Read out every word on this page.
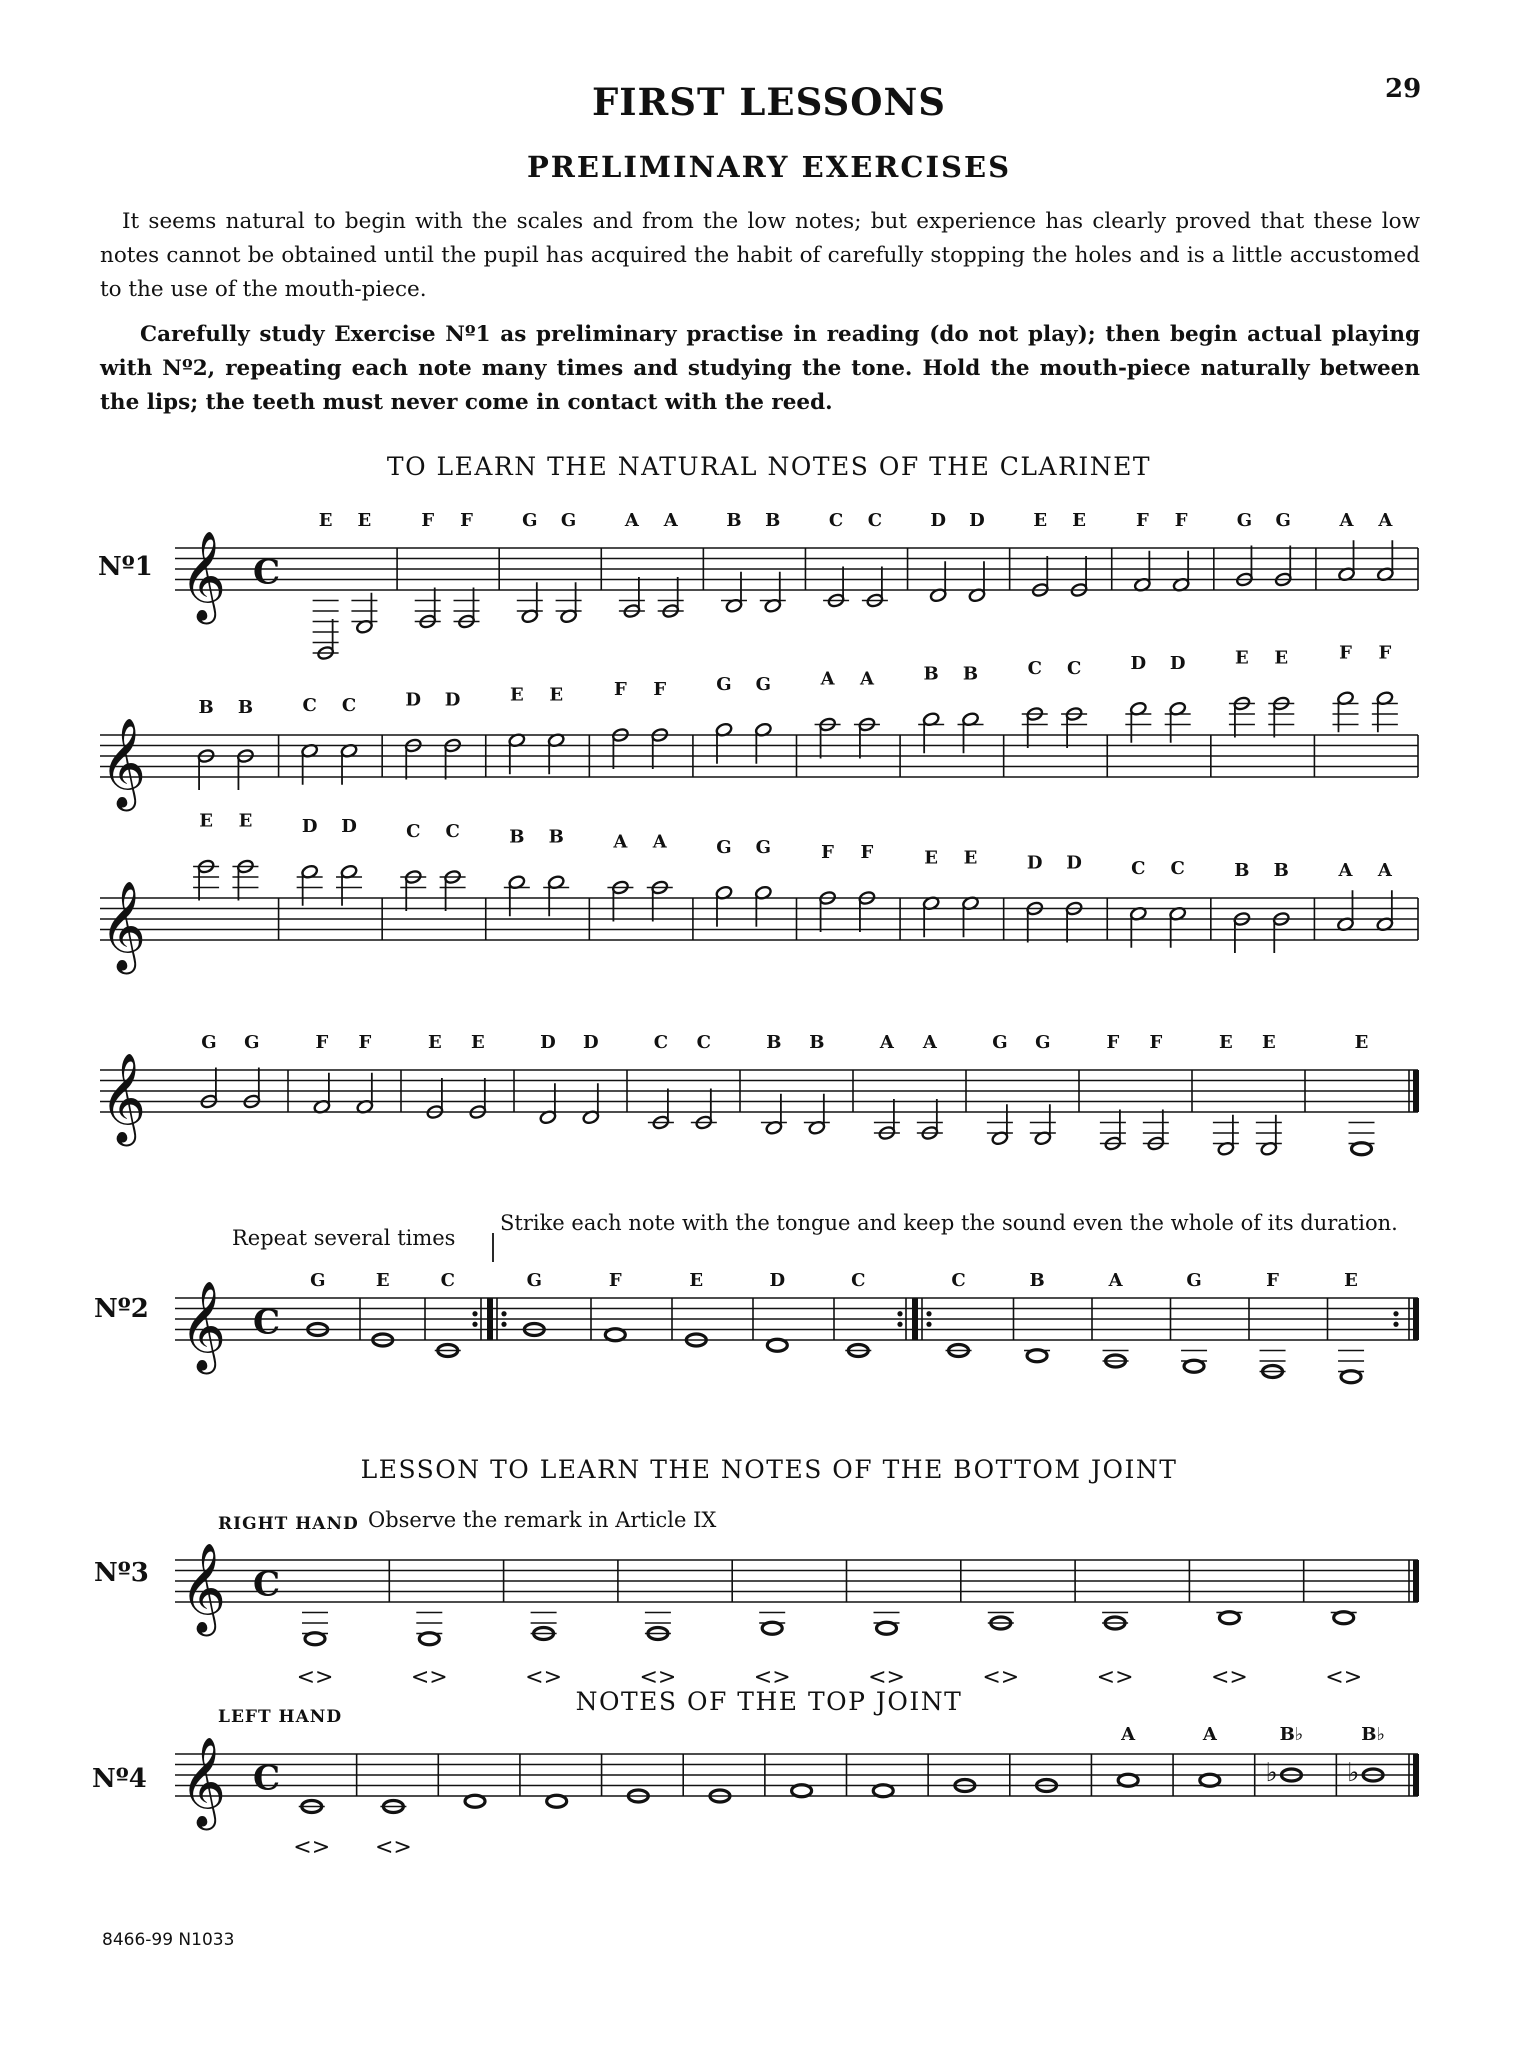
FIRST LESSONS	29
PRELIMINARY EXERCISES
It seems natural to begin with the scales and from the low notes; but experience has clearly proved that these low notes cannot be obtained until the pupil has acquired the habit of carefully stopping the holes and is a little accustomed to the use of the mouth-piece.
Carefully study Exercise Nº1 as preliminary practise in reading (do not play); then begin actual playing with Nº2, repeating each note many times and studying the tone. Hold the mouth-piece naturally between the lips; the teeth must never come in contact with the reed.
TO LEARN THE NATURAL NOTES OF THE CLARINET
LESSON TO LEARN THE NOTES OF THE BOTTOM JOINT
NOTES OF THE TOP JOINT
Nº1
Nº2
Nº3
Nº4
Repeat several times
Strike each note with the tongue and keep the sound even the whole of its duration.
RIGHT HAND Observe the remark in Article IX
LEFT HAND
8466-99 N1033
𝄞 C
E E	F F	G G	A A	B B	C C	D D	E E	F F	G G	A A
𝄞
B B	C C	D D	E E	F F	G G	A A	B B	C C	D D	E E	F F
𝄞
E E	D D	C C	B B	A A	G G	F F	E E	D D	C C	B B	A A
𝄞
G G	F F	E E	D D	C C	B B	A A	G G	F F	E E	E
𝄞 C
G	E	C	G	F	E	D	C	C	B	A	G	F	E
𝄞 C
<>	<>	<>	<>	<>	<>	<>	<>	<>
<>
𝄞 C
<> <>
A	A
♭
B♭
♭
B♭
